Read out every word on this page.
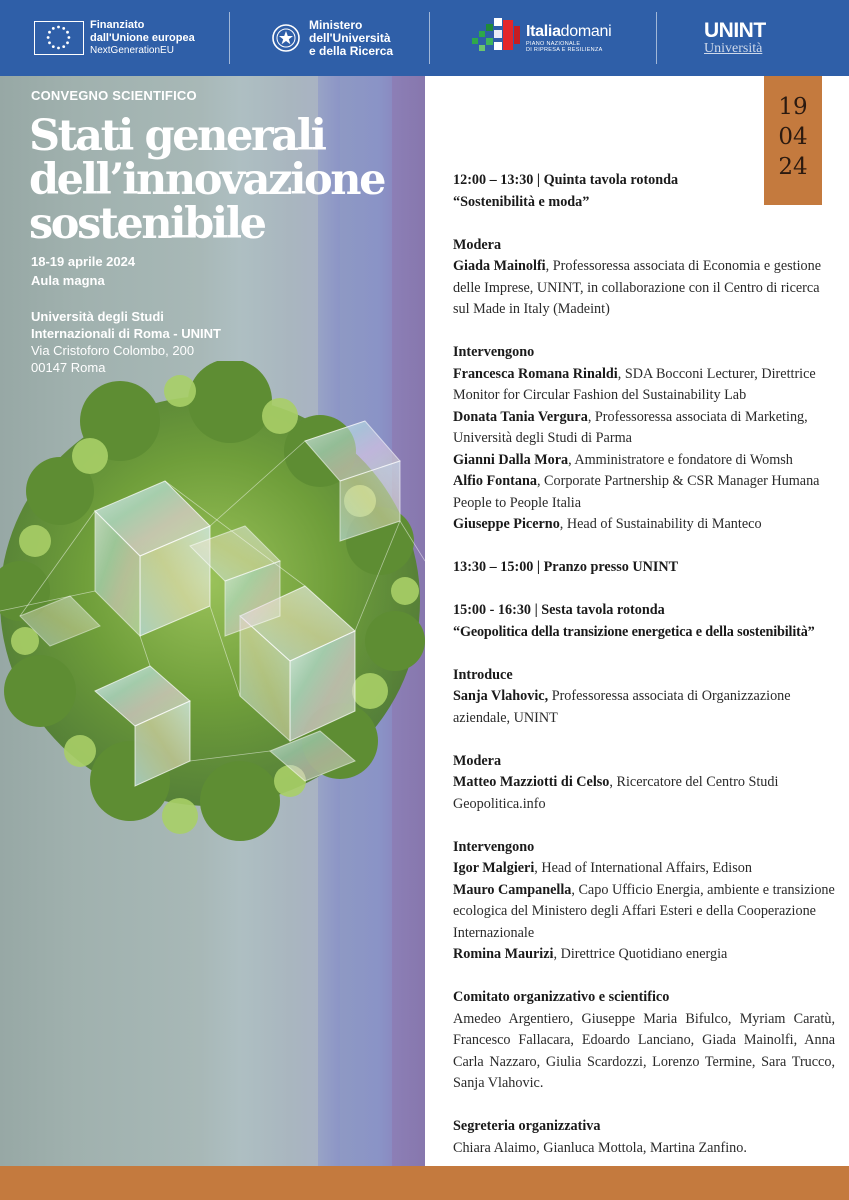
Finanziato
dall'Unione europea
NextGenerationEU
Ministero
dell'Università
e della Ricerca
Italiadomani
PIANO NAZIONALE
DI RIPRESA E RESILIENZA
UNINT
Università
CONVEGNO SCIENTIFICO
Stati generali
dell’innovazione
sostenibile
18-19 aprile 2024
Aula magna
Università degli Studi
Internazionali di Roma - UNINT
Via Cristoforo Colombo, 200
00147 Roma
19
04
24

12:00 – 13:30 | Quinta tavola rotonda

“Sostenibilità e moda”

Modera

Giada Mainolfi, Professoressa associata di Economia e gestione delle Imprese, UNINT, in collaborazione con il Centro di ricerca sul Made in Italy (Madeint)

Intervengono

Francesca Romana Rinaldi, SDA Bocconi Lecturer, Direttrice Monitor for Circular Fashion del Sustainability Lab

Donata Tania Vergura, Professoressa associata di Marketing, Università degli Studi di Parma

Gianni Dalla Mora, Amministratore e fondatore di Womsh

Alfio Fontana, Corporate Partnership & CSR Manager Humana People to People Italia

Giuseppe Picerno, Head of Sustainability di Manteco

13:30 – 15:00 | Pranzo presso UNINT

15:00 - 16:30 | Sesta tavola rotonda

“Geopolitica della transizione energetica e della sostenibilità”

Introduce

Sanja Vlahovic, Professoressa associata di Organizzazione aziendale, UNINT

Modera

Matteo Mazziotti di Celso, Ricercatore del Centro Studi Geopolitica.info

Intervengono

Igor Malgieri, Head of International Affairs, Edison

Mauro Campanella, Capo Ufficio Energia, ambiente e transizione ecologica del Ministero degli Affari Esteri e della Cooperazione Internazionale

Romina Maurizi, Direttrice Quotidiano energia

Comitato organizzativo e scientifico

Amedeo Argentiero, Giuseppe Maria Bifulco, Myriam Caratù, Francesco Fallacara, Edoardo Lanciano, Giada Mainolfi, Anna Carla Nazzaro, Giulia Scardozzi, Lorenzo Termine, Sara Trucco, Sanja Vlahovic.

Segreteria organizzativa

Chiara Alaimo, Gianluca Mottola, Martina Zanfino.
